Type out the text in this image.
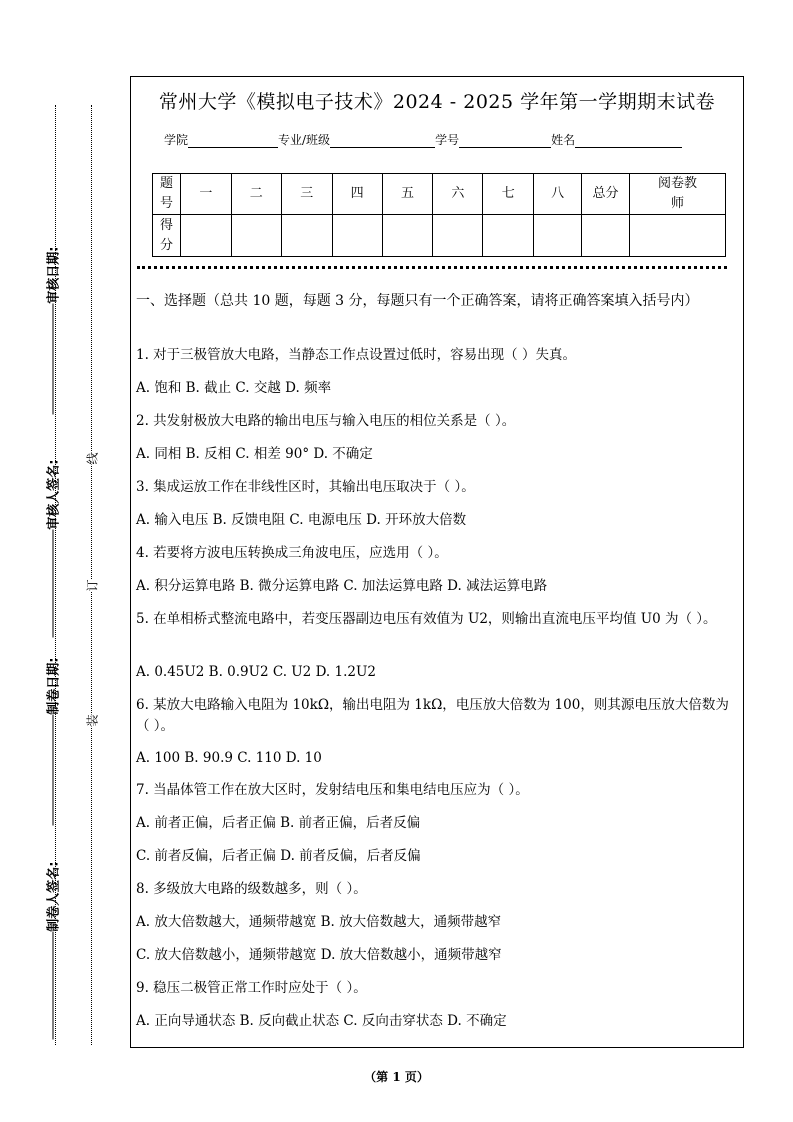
审核日期:
审核人签名:
制卷日期:
制卷人签名:
线
订
装
常州大学《模拟电子技术》2024 - 2025 学年第一学期期末试卷
学院	专业/班级	学号	姓名
题号	一	二	三	四	五	六	七	八	总分	阅卷教师
得分										
一、选择题（总共 10 题，每题 3 分，每题只有一个正确答案，请将正确答案填入括号内）
1. 对于三极管放大电路，当静态工作点设置过低时，容易出现（ ）失真。
A. 饱和 B. 截止 C. 交越 D. 频率
2. 共发射极放大电路的输出电压与输入电压的相位关系是（ ）。
A. 同相 B. 反相 C. 相差 90° D. 不确定
3. 集成运放工作在非线性区时，其输出电压取决于（ ）。
A. 输入电压 B. 反馈电阻 C. 电源电压 D. 开环放大倍数
4. 若要将方波电压转换成三角波电压，应选用（ ）。
A. 积分运算电路 B. 微分运算电路 C. 加法运算电路 D. 减法运算电路
5. 在单相桥式整流电路中，若变压器副边电压有效值为 U2，则输出直流电压平均值 U0 为（ ）。
A. 0.45U2 B. 0.9U2 C. U2 D. 1.2U2
6. 某放大电路输入电阻为 10kΩ，输出电阻为 1kΩ，电压放大倍数为 100，则其源电压放大倍数为（ ）。
A. 100 B. 90.9 C. 110 D. 10
7. 当晶体管工作在放大区时，发射结电压和集电结电压应为（ ）。
A. 前者正偏，后者正偏 B. 前者正偏，后者反偏
C. 前者反偏，后者正偏 D. 前者反偏，后者反偏
8. 多级放大电路的级数越多，则（ ）。
A. 放大倍数越大，通频带越宽 B. 放大倍数越大，通频带越窄
C. 放大倍数越小，通频带越宽 D. 放大倍数越小，通频带越窄
9. 稳压二极管正常工作时应处于（ ）。
A. 正向导通状态 B. 反向截止状态 C. 反向击穿状态 D. 不确定
（第 1 页）
